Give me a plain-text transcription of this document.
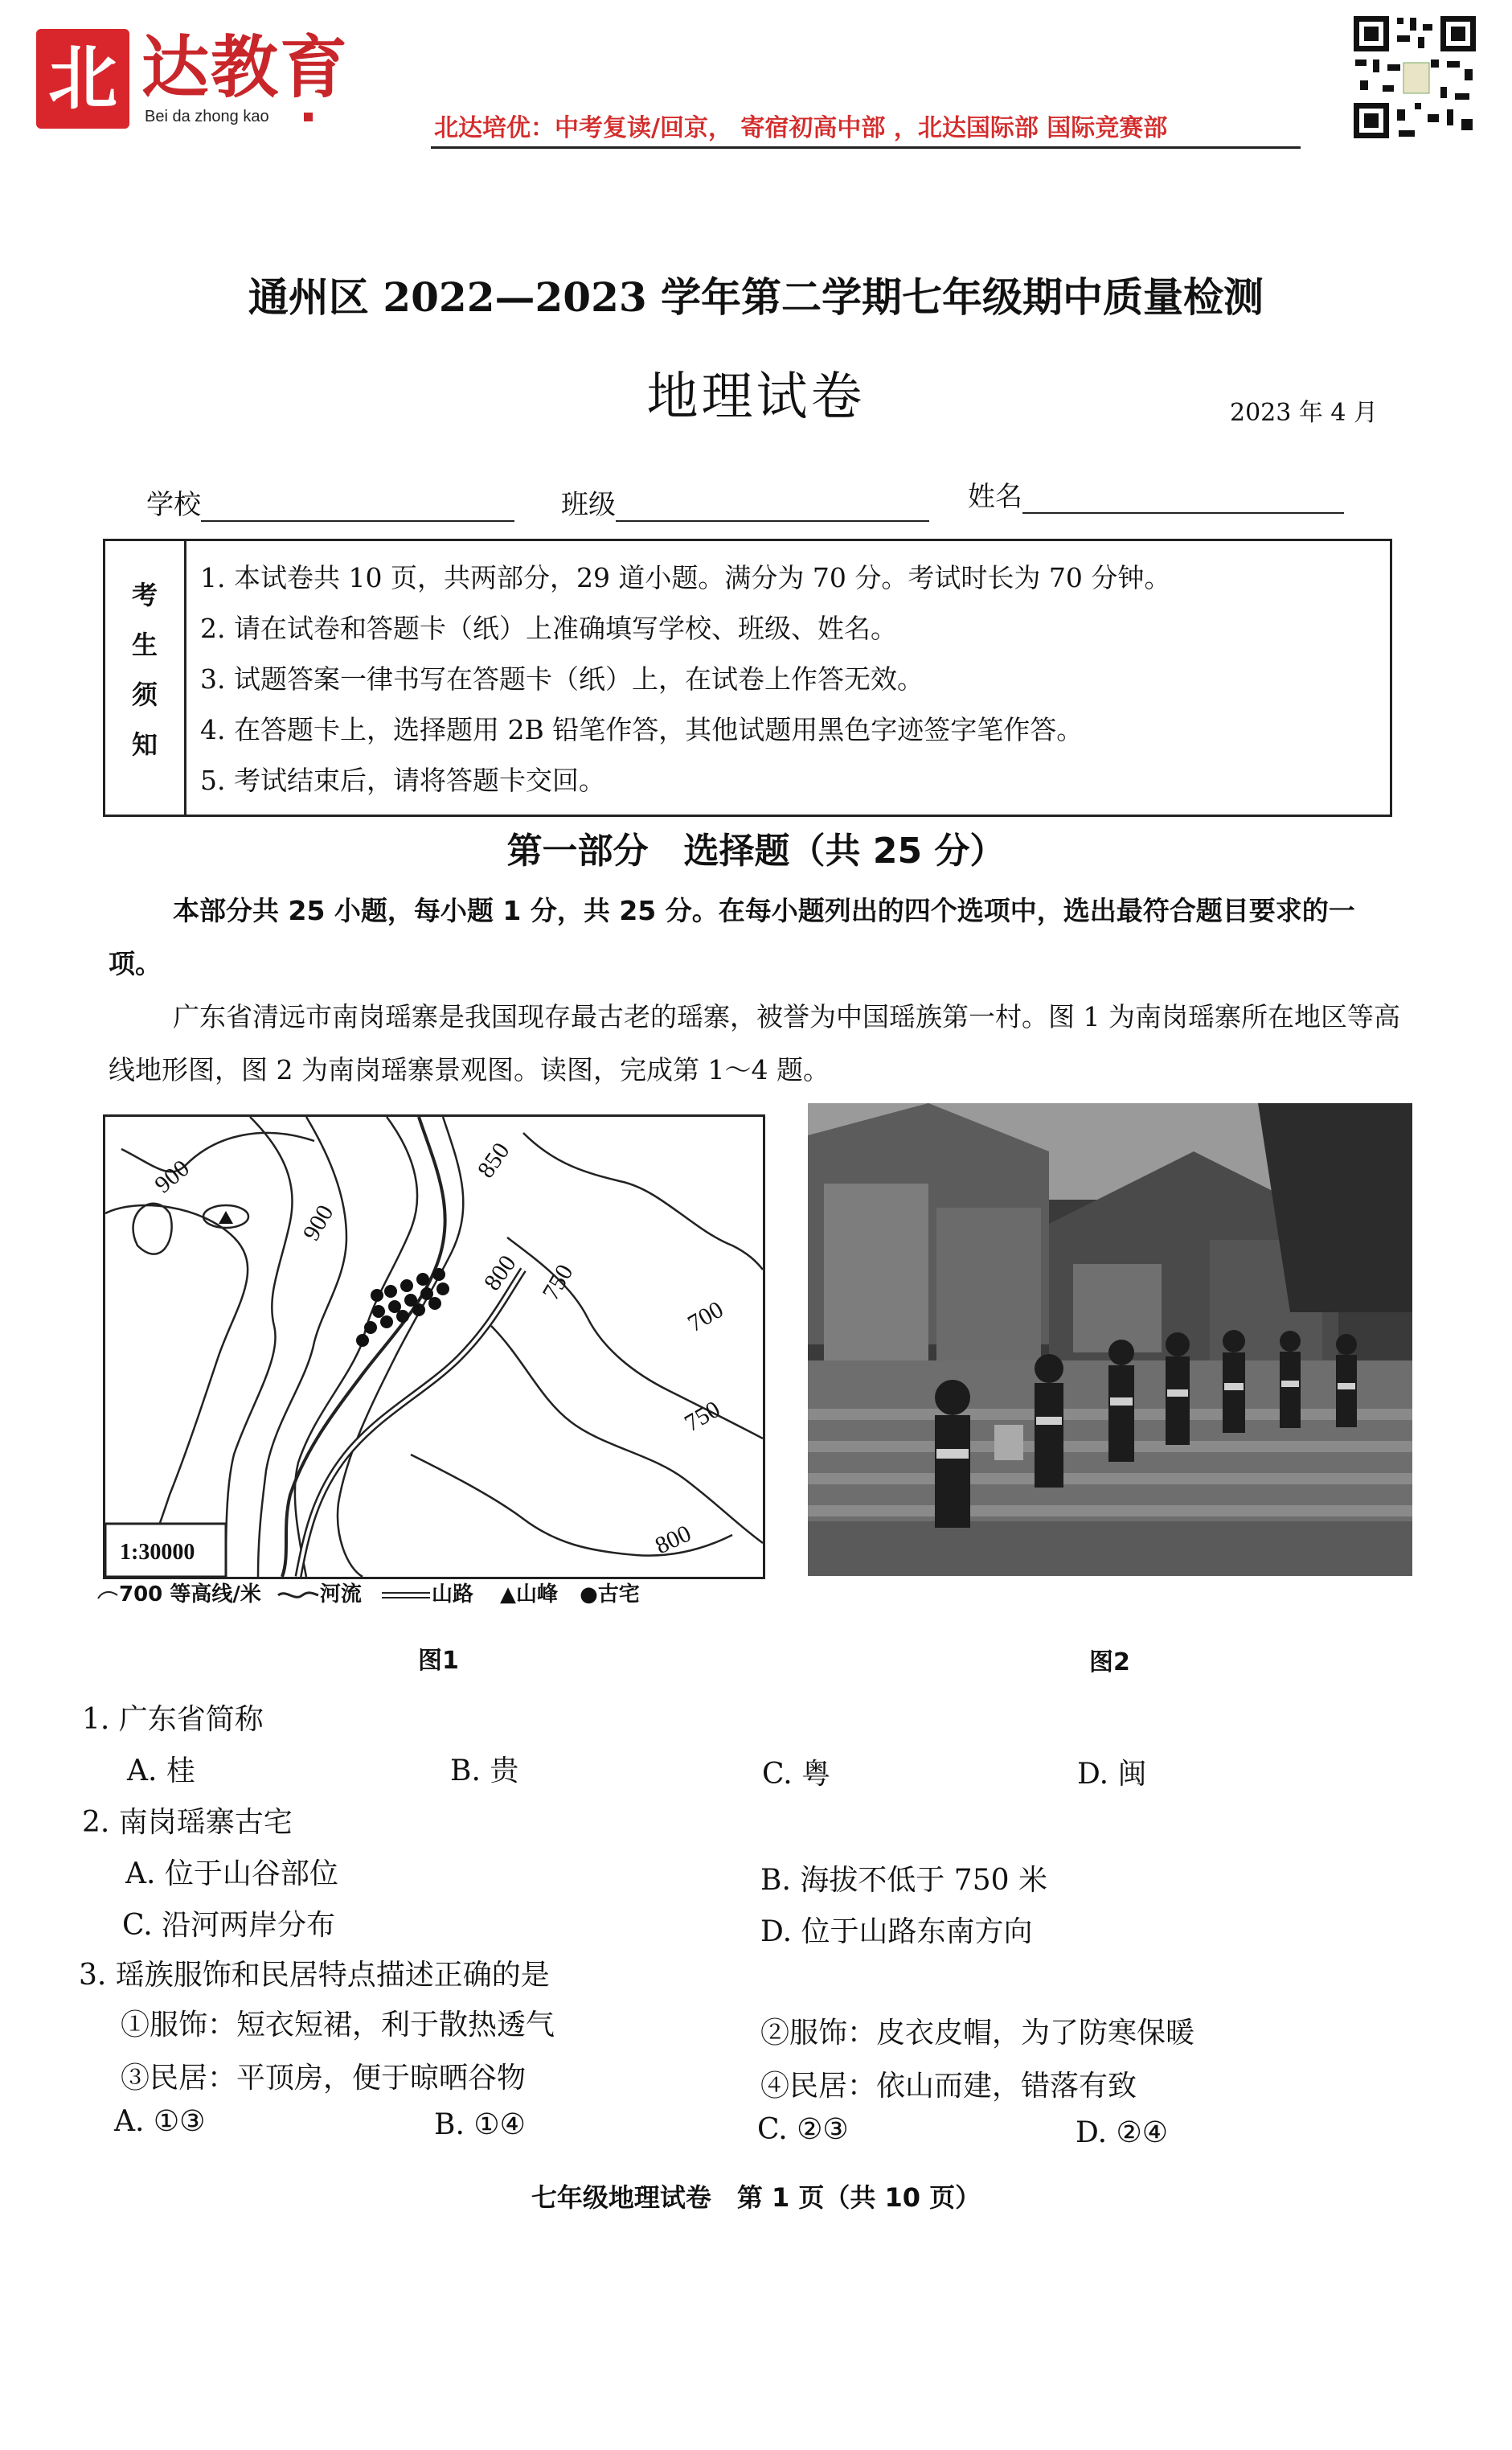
北 达教育
Bei da zhong kao	北达培优：中考复读/回京， 寄宿初高中部 ，北达国际部 国际竞赛部
通州区 2022—2023 学年第二学期七年级期中质量检测
地理试卷	2023 年 4 月
学校	班级	姓名
考
生
须
知
1. 本试卷共 10 页，共两部分，29 道小题。满分为 70 分。考试时长为 70 分钟。
2. 请在试卷和答题卡（纸）上准确填写学校、班级、姓名。
3. 试题答案一律书写在答题卡（纸）上，在试卷上作答无效。
4. 在答题卡上，选择题用 2B 铅笔作答，其他试题用黑色字迹签字笔作答。
5. 考试结束后，请将答题卡交回。
第一部分　选择题（共 25 分）
本部分共 25 小题，每小题 1 分，共 25 分。在每小题列出的四个选项中，选出最符合题目要求的一项。
广东省清远市南岗瑶寨是我国现存最古老的瑶寨，被誉为中国瑶族第一村。图 1 为南岗瑶寨所在地区等高线地形图，图 2 为南岗瑶寨景观图。读图，完成第 1～4 题。
900
900
850
800 750
700
750
800
1:30000
700 等高线/米	河流	山路 ▲山峰 ●古宅
图1	图2
1. 广东省简称
A. 桂	B. 贵	C. 粤	D. 闽
2. 南岗瑶寨古宅
A. 位于山谷部位	B. 海拔不低于 750 米
C. 沿河两岸分布	D. 位于山路东南方向
3. 瑶族服饰和民居特点描述正确的是
①服饰：短衣短裙，利于散热透气	②服饰：皮衣皮帽，为了防寒保暖
③民居：平顶房，便于晾晒谷物	④民居：依山而建，错落有致
A. ①③	B. ①④	C. ②③	D. ②④
七年级地理试卷　第 1 页（共 10 页）
